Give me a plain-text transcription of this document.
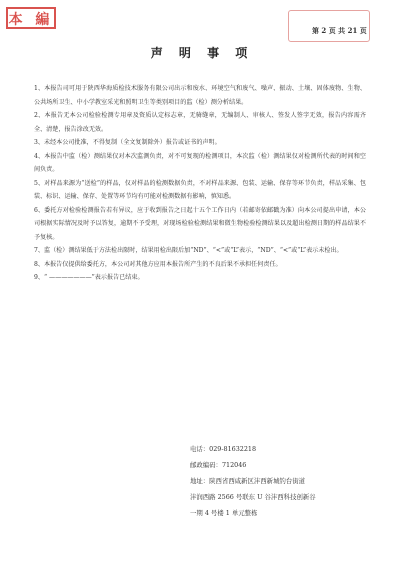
本 編
第 2 页 共 21 页
声 明 事 项

1、本报告司可用于陕西华海质检技术服务有限公司出示和废水、环境空气和废气、噪声、振动、土壤、固体废物、生物、公共场所卫生、中小学教室采光和照明卫生等类别项目的监（检）测分析结果。

2、本报告无本公司检验检测专用章及资质认定标志章，无骑缝章，无编制人、审核人、签发人签字无效，报告内容需齐全、清楚，报告涂改无效。

3、未经本公司批准，不得复制（全文复制除外）报告或证书的声明。

4、本报告中监（检）测结果仅对本次监测负责，对不可复现的检测项目，本次监（检）测结果仅对检测所代表的时间和空间负责。

5、对样品来源为“送检”的样品，仅对样品的检测数据负责，不对样品来源、包装、运输、保存等环节负责，样品采集、包装、标识、运输、保存、处置等环节均有可能对检测数据有影响，慎知悉。

6、委托方对检验检测报告若有异议，应于收到报告之日起十五个工作日内（若邮寄依邮戳为准）向本公司提出申请，本公司根据实际情况及时予以答复，逾期不予受理，对现场检验检测结果和微生物检验检测结果以及超出检测日期的样品结果不予复核。

7、监（检）测结果低于方法检出限时，结果用检出限后加“ND”、“<”或“L”表示，“ND”、“<”或“L”表示未检出。

8、本报告仅提供给委托方，本公司对其他方应用本报告所产生的不良后果不承担任何责任。

9、“ ———————”表示报告已结束。

电话：029-81632218
邮政编码：712046
地址：陕西省西咸新区沣西新城钓台街道
沣润西路 2566 号联东 U 谷沣西科技创新谷
一期 4 号楼 1 单元整栋
